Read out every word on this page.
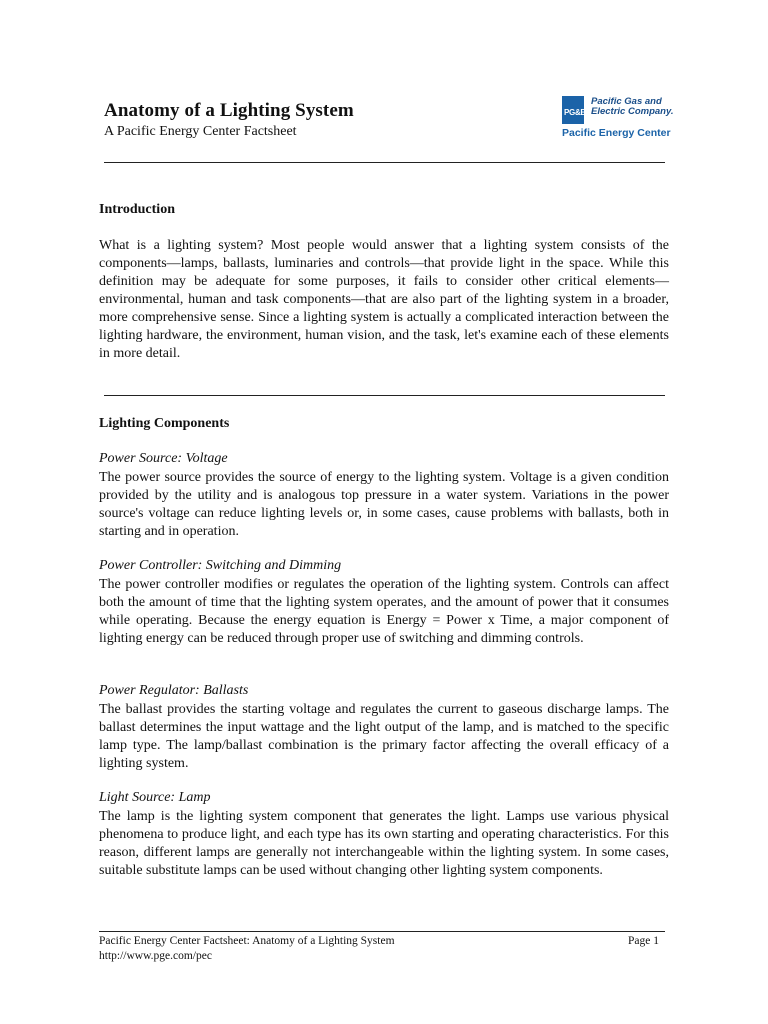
Anatomy of a Lighting System
A Pacific Energy Center Factsheet
PG&E
Pacific Gas and
Electric Company.
Pacific Energy Center
Introduction

What is a lighting system? Most people would answer that a lighting system consists of the components—lamps, ballasts, luminaries and controls—that provide light in the space. While this definition may be adequate for some purposes, it fails to consider other critical elements—environmental, human and task components—that are also part of the lighting system in a broader, more comprehensive sense. Since a lighting system is actually a complicated interaction between the lighting hardware, the environment, human vision, and the task, let's examine each of these elements in more detail.

Lighting Components
Power Source: Voltage

The power source provides the source of energy to the lighting system. Voltage is a given condition provided by the utility and is analogous top pressure in a water system. Variations in the power source's voltage can reduce lighting levels or, in some cases, cause problems with ballasts, both in starting and in operation.

Power Controller: Switching and Dimming

The power controller modifies or regulates the operation of the lighting system. Controls can affect both the amount of time that the lighting system operates, and the amount of power that it consumes while operating. Because the energy equation is Energy = Power x Time, a major component of lighting energy can be reduced through proper use of switching and dimming controls.

Power Regulator: Ballasts

The ballast provides the starting voltage and regulates the current to gaseous discharge lamps. The ballast determines the input wattage and the light output of the lamp, and is matched to the specific lamp type. The lamp/ballast combination is the primary factor affecting the overall efficacy of a lighting system.

Light Source: Lamp

The lamp is the lighting system component that generates the light. Lamps use various physical phenomena to produce light, and each type has its own starting and operating characteristics. For this reason, different lamps are generally not interchangeable within the lighting system. In some cases, suitable substitute lamps can be used without changing other lighting system components.

Pacific Energy Center Factsheet: Anatomy of a Lighting System
http://www.pge.com/pec
Page 1
